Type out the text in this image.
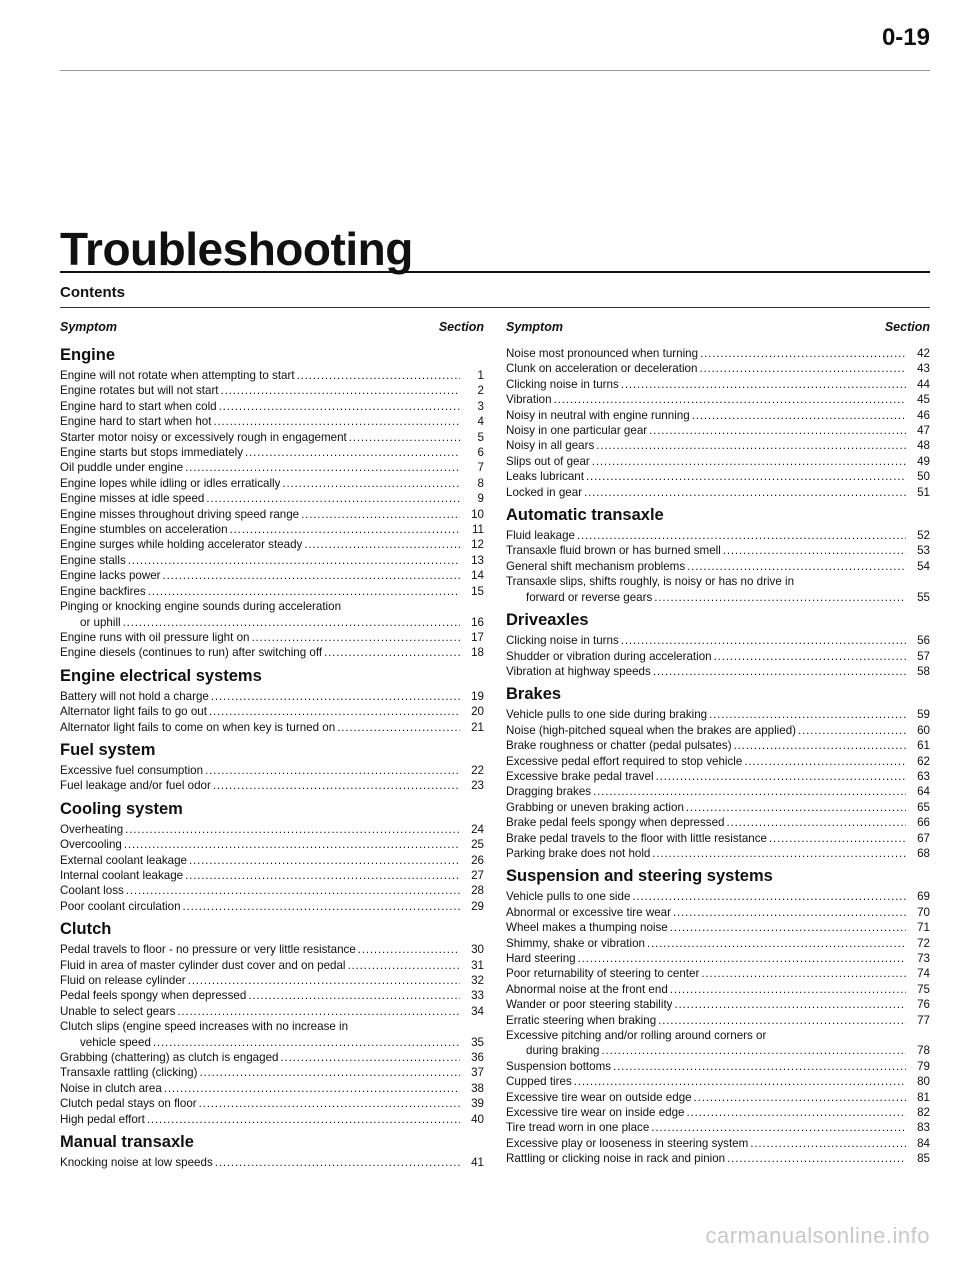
0-19
Troubleshooting
Contents
Symptom	Section
Engine
Engine will not rotate when attempting to start . . .	1
Engine rotates but will not start . . .	2
Engine hard to start when cold . . .	3
Engine hard to start when hot . . .	4
Starter motor noisy or excessively rough in engagement . . .	5
Engine starts but stops immediately . . .	6
Oil puddle under engine . . .	7
Engine lopes while idling or idles erratically . . .	8
Engine misses at idle speed . . .	9
Engine misses throughout driving speed range . . .	10
Engine stumbles on acceleration . . .	11
Engine surges while holding accelerator steady . . .	12
Engine stalls . . .	13
Engine lacks power . . .	14
Engine backfires . . .	15
Pinging or knocking engine sounds during acceleration
or uphill . . .	16
Engine runs with oil pressure light on . . .	17
Engine diesels (continues to run) after switching off . . .	18
Engine electrical systems
Battery will not hold a charge . . .	19
Alternator light fails to go out . . .	20
Alternator light fails to come on when key is turned on . . .	21
Fuel system
Excessive fuel consumption . . .	22
Fuel leakage and/or fuel odor . . .	23
Cooling system
Overheating . . .	24
Overcooling . . .	25
External coolant leakage . . .	26
Internal coolant leakage . . .	27
Coolant loss . . .	28
Poor coolant circulation . . .	29
Clutch
Pedal travels to floor - no pressure or very little resistance . . .	30
Fluid in area of master cylinder dust cover and on pedal . . .	31
Fluid on release cylinder . . .	32
Pedal feels spongy when depressed . . .	33
Unable to select gears . . .	34
Clutch slips (engine speed increases with no increase in
vehicle speed . . .	35
Grabbing (chattering) as clutch is engaged . . .	36
Transaxle rattling (clicking) . . .	37
Noise in clutch area . . .	38
Clutch pedal stays on floor . . .	39
High pedal effort . . .	40
Manual transaxle
Knocking noise at low speeds . . .	41
Symptom	Section
Noise most pronounced when turning . . .	42
Clunk on acceleration or deceleration . . .	43
Clicking noise in turns . . .	44
Vibration . . .	45
Noisy in neutral with engine running . . .	46
Noisy in one particular gear . . .	47
Noisy in all gears . . .	48
Slips out of gear . . .	49
Leaks lubricant . . .	50
Locked in gear . . .	51
Automatic transaxle
Fluid leakage . . .	52
Transaxle fluid brown or has burned smell . . .	53
General shift mechanism problems . . .	54
Transaxle slips, shifts roughly, is noisy or has no drive in
forward or reverse gears . . .	55
Driveaxles
Clicking noise in turns . . .	56
Shudder or vibration during acceleration . . .	57
Vibration at highway speeds . . .	58
Brakes
Vehicle pulls to one side during braking . . .	59
Noise (high-pitched squeal when the brakes are applied) . . .	60
Brake roughness or chatter (pedal pulsates) . . .	61
Excessive pedal effort required to stop vehicle . . .	62
Excessive brake pedal travel . . .	63
Dragging brakes . . .	64
Grabbing or uneven braking action . . .	65
Brake pedal feels spongy when depressed . . .	66
Brake pedal travels to the floor with little resistance . . .	67
Parking brake does not hold . . .	68
Suspension and steering systems
Vehicle pulls to one side . . .	69
Abnormal or excessive tire wear . . .	70
Wheel makes a thumping noise . . .	71
Shimmy, shake or vibration . . .	72
Hard steering . . .	73
Poor returnability of steering to center . . .	74
Abnormal noise at the front end . . .	75
Wander or poor steering stability . . .	76
Erratic steering when braking . . .	77
Excessive pitching and/or rolling around corners or
during braking . . .	78
Suspension bottoms . . .	79
Cupped tires . . .	80
Excessive tire wear on outside edge . . .	81
Excessive tire wear on inside edge . . .	82
Tire tread worn in one place . . .	83
Excessive play or looseness in steering system . . .	84
Rattling or clicking noise in rack and pinion . . .	85
carmanualsonline.info
